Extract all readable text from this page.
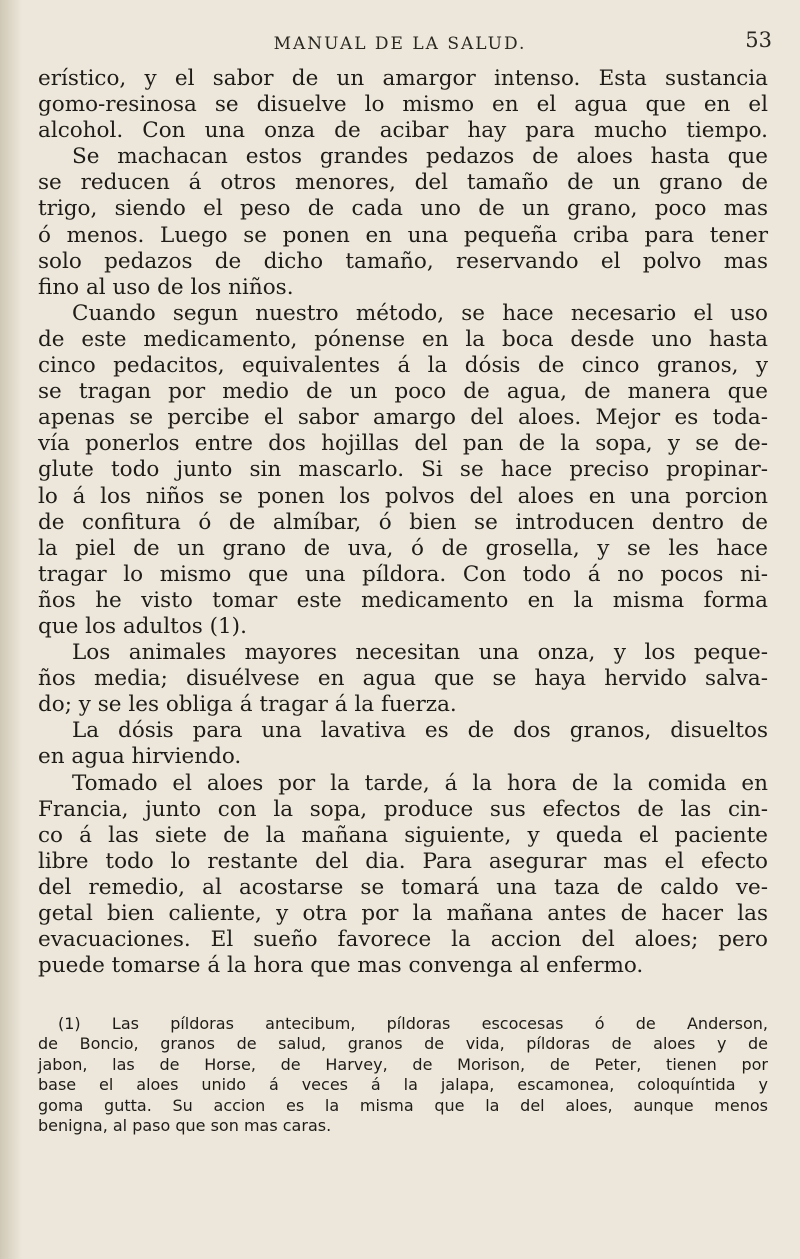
MANUAL DE LA SALUD.	53
erístico, y el sabor de un amargor intenso. Esta sustancia
gomo-resinosa se disuelve lo mismo en el agua que en el
alcohol. Con una onza de acibar hay para mucho tiempo.
Se machacan estos grandes pedazos de aloes hasta que
se reducen á otros menores, del tamaño de un grano de
trigo, siendo el peso de cada uno de un grano, poco mas
ó menos. Luego se ponen en una pequeña criba para tener
solo pedazos de dicho tamaño, reservando el polvo mas
fino al uso de los niños.
Cuando segun nuestro método, se hace necesario el uso
de este medicamento, pónense en la boca desde uno hasta
cinco pedacitos, equivalentes á la dósis de cinco granos, y
se tragan por medio de un poco de agua, de manera que
apenas se percibe el sabor amargo del aloes. Mejor es toda-
vía ponerlos entre dos hojillas del pan de la sopa, y se de-
glute todo junto sin mascarlo. Si se hace preciso propinar-
lo á los niños se ponen los polvos del aloes en una porcion
de confitura ó de almíbar, ó bien se introducen dentro de
la piel de un grano de uva, ó de grosella, y se les hace
tragar lo mismo que una píldora. Con todo á no pocos ni-
ños he visto tomar este medicamento en la misma forma
que los adultos (1).
Los animales mayores necesitan una onza, y los peque-
ños media; disuélvese en agua que se haya hervido salva-
do; y se les obliga á tragar á la fuerza.
La dósis para una lavativa es de dos granos, disueltos
en agua hirviendo.
Tomado el aloes por la tarde, á la hora de la comida en
Francia, junto con la sopa, produce sus efectos de las cin-
co á las siete de la mañana siguiente, y queda el paciente
libre todo lo restante del dia. Para asegurar mas el efecto
del remedio, al acostarse se tomará una taza de caldo ve-
getal bien caliente, y otra por la mañana antes de hacer las
evacuaciones. El sueño favorece la accion del aloes; pero
puede tomarse á la hora que mas convenga al enfermo.
(1) Las píldoras antecibum, píldoras escocesas ó de Anderson,
de Boncio, granos de salud, granos de vida, píldoras de aloes y de
jabon, las de Horse, de Harvey, de Morison, de Peter, tienen por
base el aloes unido á veces á la jalapa, escamonea, coloquíntida y
goma gutta. Su accion es la misma que la del aloes, aunque menos
benigna, al paso que son mas caras.
